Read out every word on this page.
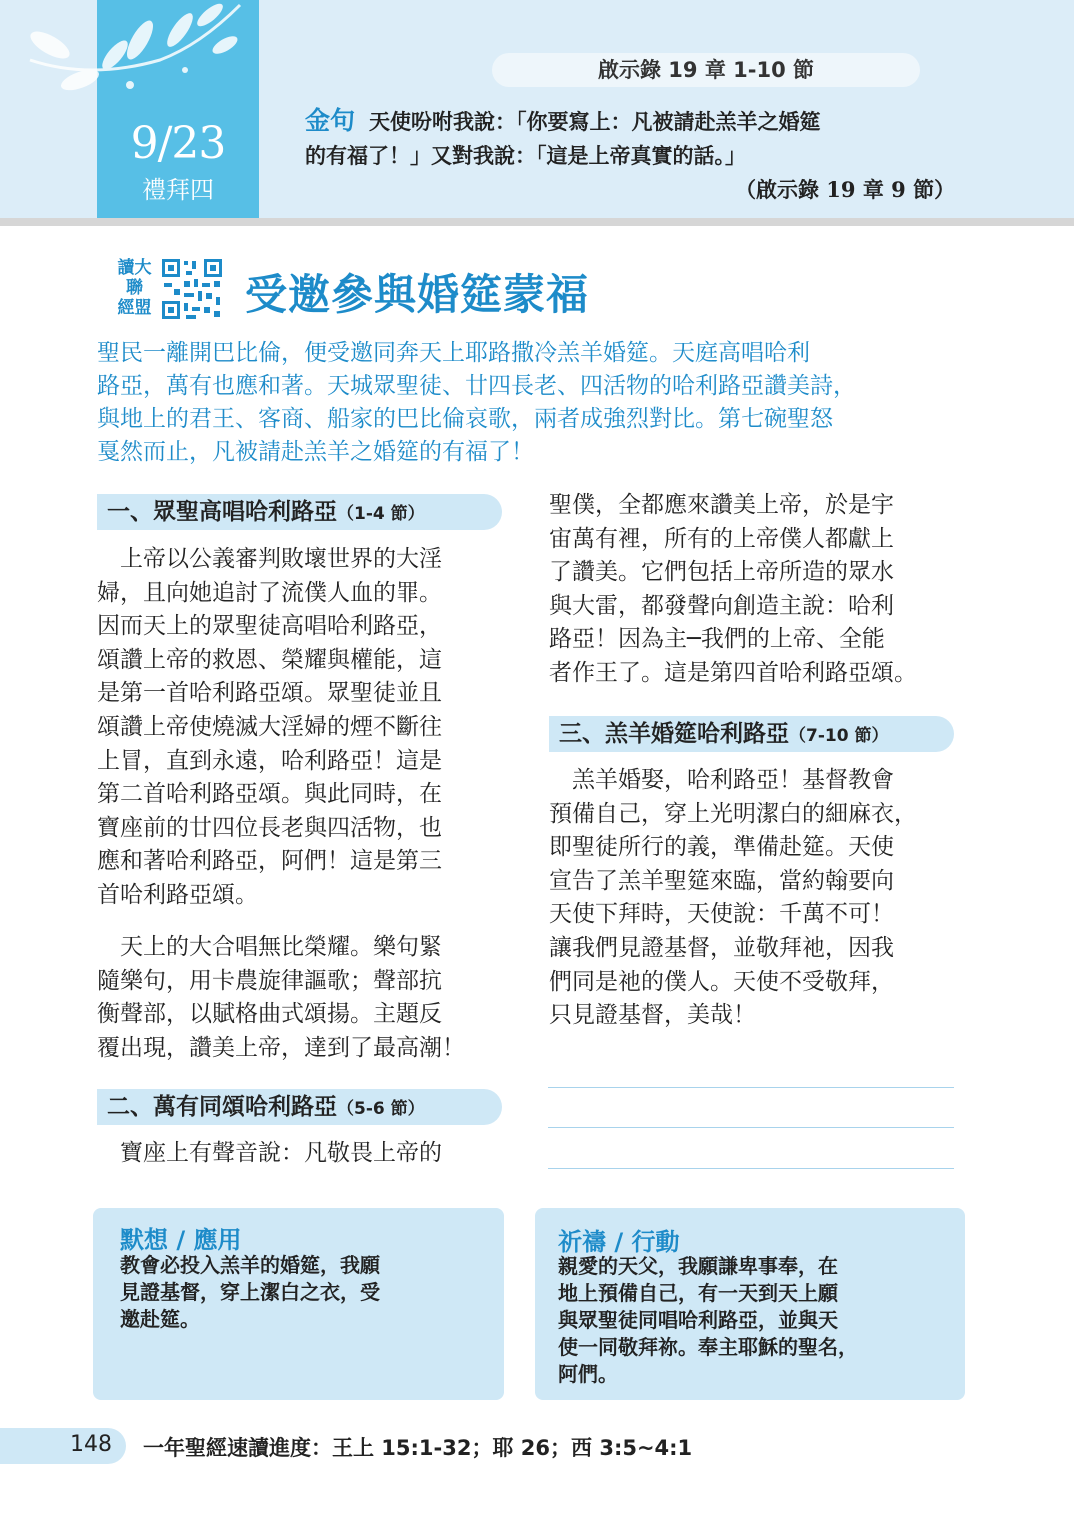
9/23
禮拜四
啟示錄 19 章 1-10 節
金句 天使吩咐我說：「你要寫上：凡被請赴羔羊之婚筵
的有福了！」又對我說：「這是上帝真實的話。」
（啟示錄 19 章 9 節）
讀大
聯
經盟 受邀參與婚筵蒙福
聖民一離開巴比倫，便受邀同奔天上耶路撒冷羔羊婚筵。天庭高唱哈利
路亞，萬有也應和著。天城眾聖徒、廿四長老、四活物的哈利路亞讚美詩，
與地上的君王、客商、船家的巴比倫哀歌，兩者成強烈對比。第七碗聖怒
戛然而止，凡被請赴羔羊之婚筵的有福了！
一、眾聖高唱哈利路亞（1-4 節）
　上帝以公義審判敗壞世界的大淫
婦，且向她追討了流僕人血的罪。
因而天上的眾聖徒高唱哈利路亞，
頌讚上帝的救恩、榮耀與權能，這
是第一首哈利路亞頌。眾聖徒並且
頌讚上帝使燒滅大淫婦的煙不斷往
上冒，直到永遠，哈利路亞！這是
第二首哈利路亞頌。與此同時，在
寶座前的廿四位長老與四活物，也
應和著哈利路亞，阿們！這是第三
首哈利路亞頌。
　天上的大合唱無比榮耀。樂句緊
隨樂句，用卡農旋律謳歌；聲部抗
衡聲部，以賦格曲式頌揚。主題反
覆出現，讚美上帝，達到了最高潮！
二、萬有同頌哈利路亞（5-6 節）
　寶座上有聲音說：凡敬畏上帝的
聖僕，全都應來讚美上帝，於是宇
宙萬有裡，所有的上帝僕人都獻上
了讚美。它們包括上帝所造的眾水
與大雷，都發聲向創造主說：哈利
路亞！因為主─我們的上帝、全能
者作王了。這是第四首哈利路亞頌。
三、羔羊婚筵哈利路亞（7-10 節）
　羔羊婚娶，哈利路亞！基督教會
預備自己，穿上光明潔白的細麻衣，
即聖徒所行的義，準備赴筵。天使
宣告了羔羊聖筵來臨，當約翰要向
天使下拜時，天使說：千萬不可！
讓我們見證基督，並敬拜祂，因我
們同是祂的僕人。天使不受敬拜，
只見證基督，美哉！
默想 / 應用
教會必投入羔羊的婚筵，我願
見證基督，穿上潔白之衣，受
邀赴筵。
祈禱 / 行動
親愛的天父，我願謙卑事奉，在
地上預備自己，有一天到天上願
與眾聖徒同唱哈利路亞，並與天
使一同敬拜祢。奉主耶穌的聖名，
阿們。
148 一年聖經速讀進度：王上 15:1-32；耶 26；西 3:5~4:1
